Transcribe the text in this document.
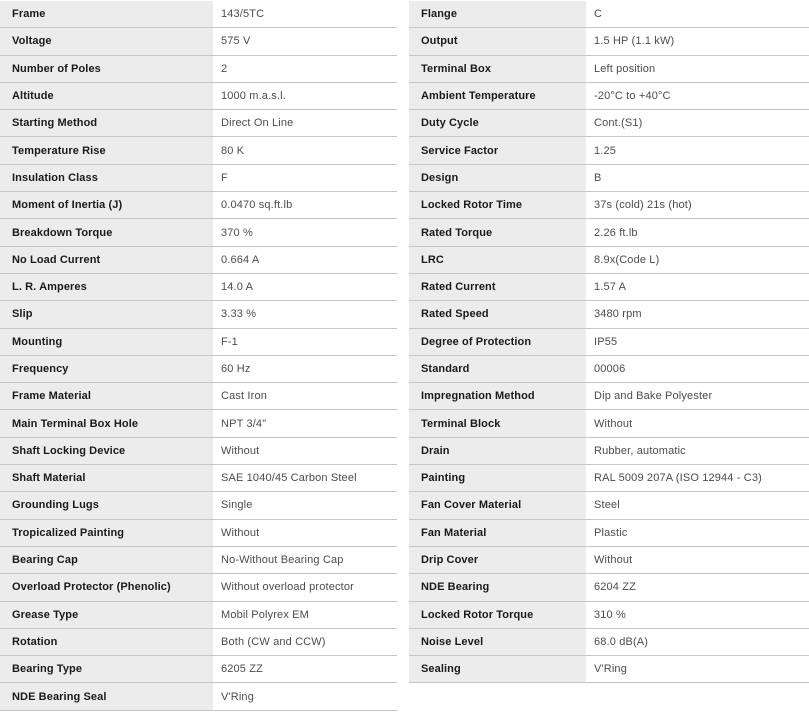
Frame	143/5TC
Voltage	575 V
Number of Poles	2
Altitude	1000 m.a.s.l.
Starting Method	Direct On Line
Temperature Rise	80 K
Insulation Class	F
Moment of Inertia (J)	0.0470 sq.ft.lb
Breakdown Torque	370 %
No Load Current	0.664 A
L. R. Amperes	14.0 A
Slip	3.33 %
Mounting	F-1
Frequency	60 Hz
Frame Material	Cast Iron
Main Terminal Box Hole	NPT 3/4"
Shaft Locking Device	Without
Shaft Material	SAE 1040/45 Carbon Steel
Grounding Lugs	Single
Tropicalized Painting	Without
Bearing Cap	No-Without Bearing Cap
Overload Protector (Phenolic)	Without overload protector
Grease Type	Mobil Polyrex EM
Rotation	Both (CW and CCW)
Bearing Type	6205 ZZ
NDE Bearing Seal	V'Ring
Flange	C
Output	1.5 HP (1.1 kW)
Terminal Box	Left position
Ambient Temperature	-20°C to +40°C
Duty Cycle	Cont.(S1)
Service Factor	1.25
Design	B
Locked Rotor Time	37s (cold) 21s (hot)
Rated Torque	2.26 ft.lb
LRC	8.9x(Code L)
Rated Current	1.57 A
Rated Speed	3480 rpm
Degree of Protection	IP55
Standard	00006
Impregnation Method	Dip and Bake Polyester
Terminal Block	Without
Drain	Rubber, automatic
Painting	RAL 5009 207A (ISO 12944 - C3)
Fan Cover Material	Steel
Fan Material	Plastic
Drip Cover	Without
NDE Bearing	6204 ZZ
Locked Rotor Torque	310 %
Noise Level	68.0 dB(A)
Sealing	V'Ring
